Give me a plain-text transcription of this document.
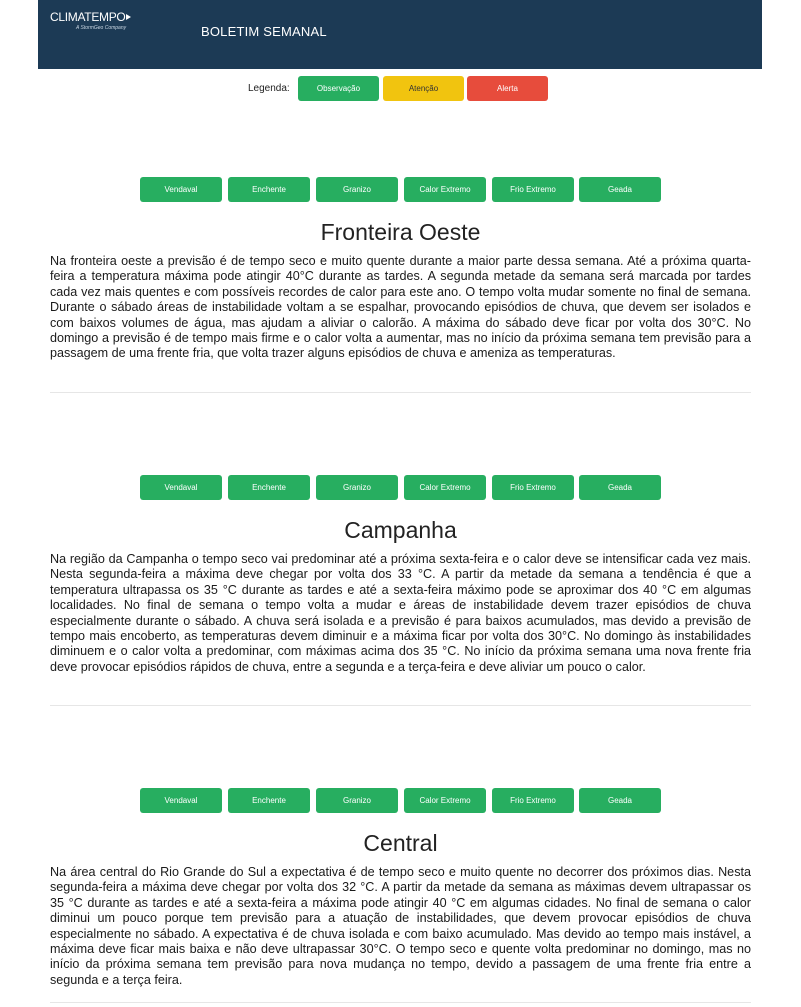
CLIMATEMPO
A StormGeo Company	BOLETIM SEMANAL
Legenda:	Observação	Atenção	Alerta
Vendaval	Enchente	Granizo	Calor Extremo	Frio Extremo	Geada
Fronteira Oeste

Na fronteira oeste a previsão é de tempo seco e muito quente durante a maior parte dessa semana. Até a próxima quarta-feira a temperatura máxima pode atingir 40°C durante as tardes. A segunda metade da semana será marcada por tardes cada vez mais quentes e com possíveis recordes de calor para este ano. O tempo volta mudar somente no final de semana. Durante o sábado áreas de instabilidade voltam a se espalhar, provocando episódios de chuva, que devem ser isolados e com baixos volumes de água, mas ajudam a aliviar o calorão. A máxima do sábado deve ficar por volta dos 30°C. No domingo a previsão é de tempo mais firme e o calor volta a aumentar, mas no início da próxima semana tem previsão para a passagem de uma frente fria, que volta trazer alguns episódios de chuva e ameniza as temperaturas.

Vendaval	Enchente	Granizo	Calor Extremo	Frio Extremo	Geada
Campanha

Na região da Campanha o tempo seco vai predominar até a próxima sexta-feira e o calor deve se intensificar cada vez mais. Nesta segunda-feira a máxima deve chegar por volta dos 33 °C. A partir da metade da semana a tendência é que a temperatura ultrapassa os 35 °C durante as tardes e até a sexta-feira máximo pode se aproximar dos 40 °C em algumas localidades. No final de semana o tempo volta a mudar e áreas de instabilidade devem trazer episódios de chuva especialmente durante o sábado. A chuva será isolada e a previsão é para baixos acumulados, mas devido a previsão de tempo mais encoberto, as temperaturas devem diminuir e a máxima ficar por volta dos 30°C. No domingo às instabilidades diminuem e o calor volta a predominar, com máximas acima dos 35 °C. No início da próxima semana uma nova frente fria deve provocar episódios rápidos de chuva, entre a segunda e a terça-feira e deve aliviar um pouco o calor.

Vendaval	Enchente	Granizo	Calor Extremo	Frio Extremo	Geada
Central

Na área central do Rio Grande do Sul a expectativa é de tempo seco e muito quente no decorrer dos próximos dias. Nesta segunda-feira a máxima deve chegar por volta dos 32 °C. A partir da metade da semana as máximas devem ultrapassar os 35 °C durante as tardes e até a sexta-feira a máxima pode atingir 40 °C em algumas cidades. No final de semana o calor diminui um pouco porque tem previsão para a atuação de instabilidades, que devem provocar episódios de chuva especialmente no sábado. A expectativa é de chuva isolada e com baixo acumulado. Mas devido ao tempo mais instável, a máxima deve ficar mais baixa e não deve ultrapassar 30°C. O tempo seco e quente volta predominar no domingo, mas no início da próxima semana tem previsão para nova mudança no tempo, devido a passagem de uma frente fria entre a segunda e a terça feira.
